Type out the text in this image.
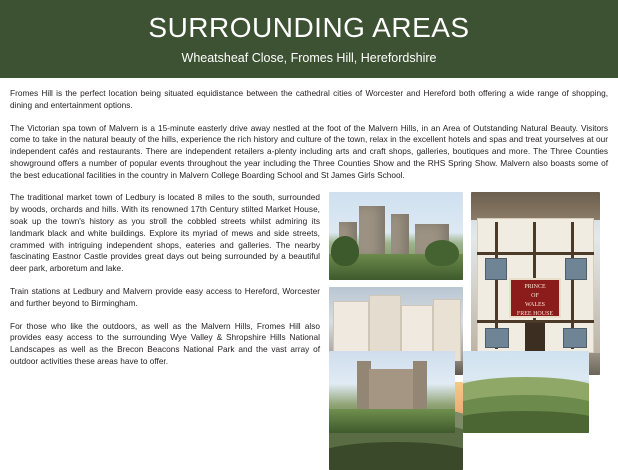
SURROUNDING AREAS
Wheatsheaf Close, Fromes Hill, Herefordshire

Fromes Hill is the perfect location being situated equidistance between the cathedral cities of Worcester and Hereford both offering a wide range of shopping, dining and entertainment options.

The Victorian spa town of Malvern is a 15-minute easterly drive away nestled at the foot of the Malvern Hills, in an Area of Outstanding Natural Beauty. Visitors come to take in the natural beauty of the hills, experience the rich history and culture of the town, relax in the excellent hotels and spas and treat yourselves at our independent cafés and restaurants. There are independent retailers a-plenty including arts and craft shops, galleries, boutiques and more. The Three Counties showground offers a number of popular events throughout the year including the Three Counties Show and the RHS Spring Show. Malvern also boasts some of the best educational facilities in the country in Malvern College Boarding School and St James Girls School.

The traditional market town of Ledbury is located 8 miles to the south, surrounded by woods, orchards and hills. With its renowned 17th Century stilted Market House, soak up the town's history as you stroll the cobbled streets whilst admiring its landmark black and white buildings. Explore its myriad of mews and side streets, crammed with intriguing independent shops, eateries and galleries. The nearby fascinating Eastnor Castle provides great days out being surrounded by a beautiful deer park, arboretum and lake.

Train stations at Ledbury and Malvern provide easy access to Hereford, Worcester and further beyond to Birmingham.

For those who like the outdoors, as well as the Malvern Hills, Fromes Hill also provides easy access to the surrounding Wye Valley & Shropshire Hills National Landscapes as well as the Brecon Beacons National Park and the vast array of outdoor activities these areas have to offer.

PRINCE
OF
WALES
FREE HOUSE
